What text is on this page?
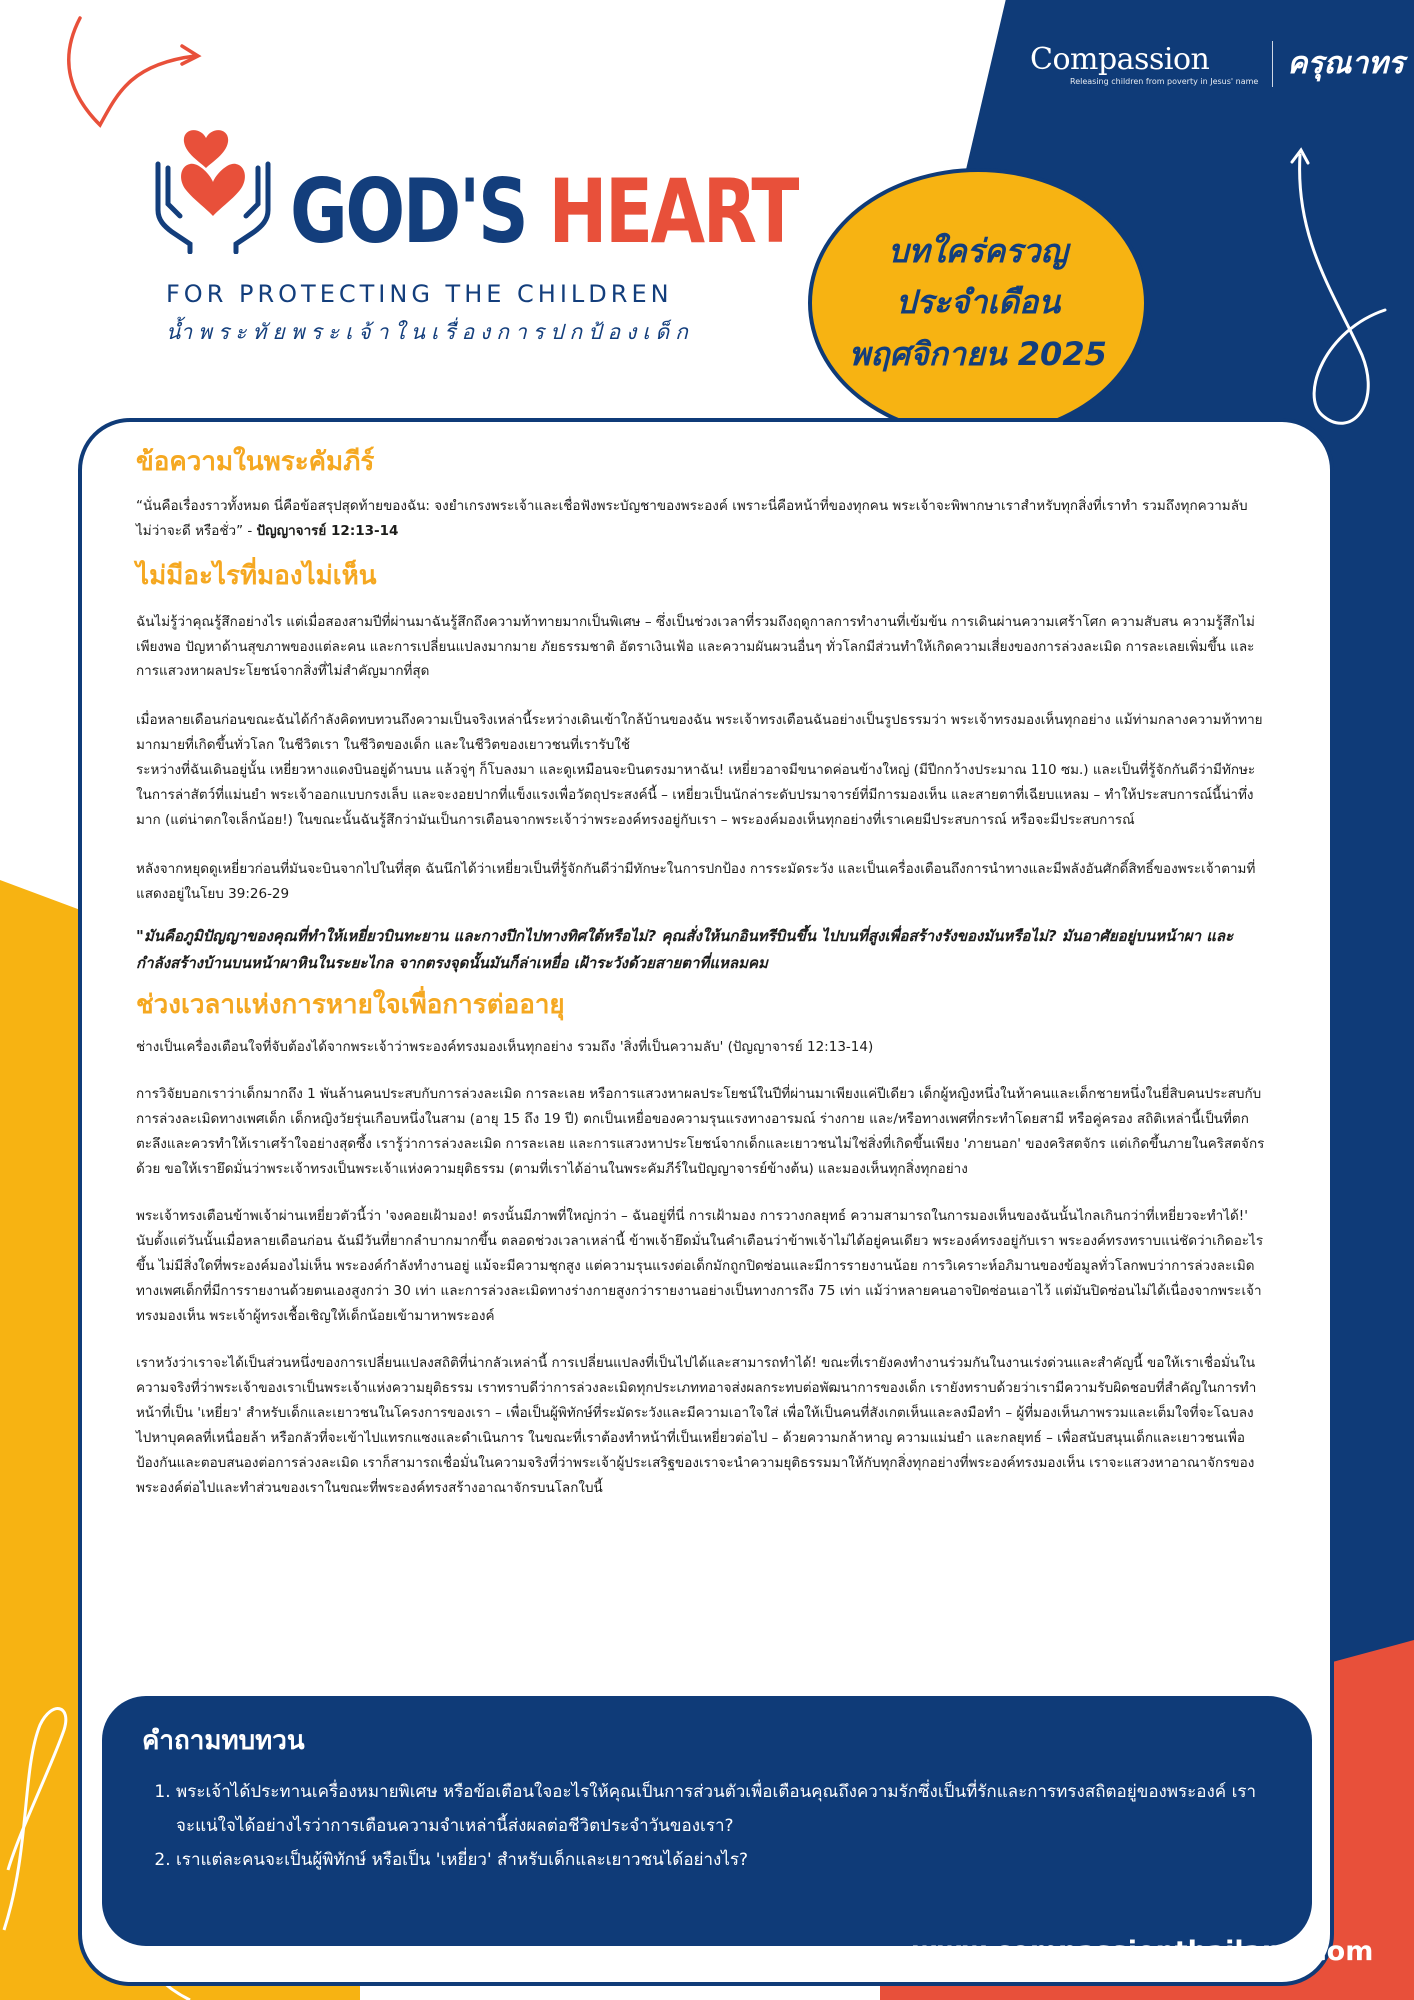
Compassion
Releasing children from poverty in Jesus' name ครุณาทร
GOD'S HEART
FOR PROTECTING THE CHILDREN
น้ำพระทัยพระเจ้าในเรื่องการปกป้องเด็ก
บทใคร่ครวญ
ประจำเดือน
พฤศจิกายน 2025
ข้อความในพระคัมภีร์

“นั่นคือเรื่องราวทั้งหมด นี่คือข้อสรุปสุดท้ายของฉัน: จงยำเกรงพระเจ้าและเชื่อฟังพระบัญชาของพระองค์ เพราะนี่คือหน้าที่ของทุกคน พระเจ้าจะพิพากษาเราสำหรับทุกสิ่งที่เราทำ รวมถึงทุกความลับ ไม่ว่าจะดี หรือชั่ว” - ปัญญาจารย์ 12:13-14

ไม่มีอะไรที่มองไม่เห็น

ฉันไม่รู้ว่าคุณรู้สึกอย่างไร แต่เมื่อสองสามปีที่ผ่านมาฉันรู้สึกถึงความท้าทายมากเป็นพิเศษ – ซึ่งเป็นช่วงเวลาที่รวมถึงฤดูกาลการทำงานที่เข้มข้น การเดินผ่านความเศร้าโศก ความสับสน ความรู้สึกไม่เพียงพอ ปัญหาด้านสุขภาพของแต่ละคน และการเปลี่ยนแปลงมากมาย ภัยธรรมชาติ อัตราเงินเฟ้อ และความผันผวนอื่นๆ ทั่วโลกมีส่วนทำให้เกิดความเสี่ยงของการล่วงละเมิด การละเลยเพิ่มขึ้น และการแสวงหาผลประโยชน์จากสิ่งที่ไม่สำคัญมากที่สุด

เมื่อหลายเดือนก่อนขณะฉันได้กำลังคิดทบทวนถึงความเป็นจริงเหล่านี้ระหว่างเดินเข้าใกล้บ้านของฉัน พระเจ้าทรงเตือนฉันอย่างเป็นรูปธรรมว่า พระเจ้าทรงมองเห็นทุกอย่าง แม้ท่ามกลางความท้าทายมากมายที่เกิดขึ้นทั่วโลก ในชีวิตเรา ในชีวิตของเด็ก และในชีวิตของเยาวชนที่เรารับใช้

ระหว่างที่ฉันเดินอยู่นั้น เหยี่ยวหางแดงบินอยู่ด้านบน แล้วจู่ๆ ก็โบลงมา และดูเหมือนจะบินตรงมาหาฉัน! เหยี่ยวอาจมีขนาดค่อนข้างใหญ่ (มีปีกกว้างประมาณ 110 ซม.) และเป็นที่รู้จักกันดีว่ามีทักษะในการล่าสัตว์ที่แม่นยำ พระเจ้าออกแบบกรงเล็บ และจะงอยปากที่แข็งแรงเพื่อวัตถุประสงค์นี้ – เหยี่ยวเป็นนักล่าระดับปรมาจารย์ที่มีการมองเห็น และสายตาที่เฉียบแหลม – ทำให้ประสบการณ์นี้น่าทึ่งมาก (แต่น่าตกใจเล็กน้อย!) ในขณะนั้นฉันรู้สึกว่ามันเป็นการเตือนจากพระเจ้าว่าพระองค์ทรงอยู่กับเรา – พระองค์มองเห็นทุกอย่างที่เราเคยมีประสบการณ์ หรือจะมีประสบการณ์

หลังจากหยุดดูเหยี่ยวก่อนที่มันจะบินจากไปในที่สุด ฉันนึกได้ว่าเหยี่ยวเป็นที่รู้จักกันดีว่ามีทักษะในการปกป้อง การระมัดระวัง และเป็นเครื่องเตือนถึงการนำทางและมีพลังอันศักดิ์สิทธิ์ของพระเจ้าตามที่แสดงอยู่ในโยบ 39:26-29

"มันคือภูมิปัญญาของคุณที่ทำให้เหยี่ยวบินทะยาน และกางปีกไปทางทิศใต้หรือไม่? คุณสั่งให้นกอินทรีบินขึ้น ไปบนที่สูงเพื่อสร้างรังของมันหรือไม่? มันอาศัยอยู่บนหน้าผา และกำลังสร้างบ้านบนหน้าผาหินในระยะไกล จากตรงจุดนั้นมันก็ล่าเหยื่อ เฝ้าระวังด้วยสายตาที่แหลมคม

ช่วงเวลาแห่งการหายใจเพื่อการต่ออายุ

ช่างเป็นเครื่องเตือนใจที่จับต้องได้จากพระเจ้าว่าพระองค์ทรงมองเห็นทุกอย่าง รวมถึง 'สิ่งที่เป็นความลับ' (ปัญญาจารย์ 12:13-14)

การวิจัยบอกเราว่าเด็กมากถึง 1 พันล้านคนประสบกับการล่วงละเมิด การละเลย หรือการแสวงหาผลประโยชน์ในปีที่ผ่านมาเพียงแค่ปีเดียว เด็กผู้หญิงหนึ่งในห้าคนและเด็กชายหนึ่งในยี่สิบคนประสบกับการล่วงละเมิดทางเพศเด็ก เด็กหญิงวัยรุ่นเกือบหนึ่งในสาม (อายุ 15 ถึง 19 ปี) ตกเป็นเหยื่อของความรุนแรงทางอารมณ์ ร่างกาย และ/หรือทางเพศที่กระทำโดยสามี หรือคู่ครอง สถิติเหล่านี้เป็นที่ตกตะลึงและควรทำให้เราเศร้าใจอย่างสุดซึ้ง เรารู้ว่าการล่วงละเมิด การละเลย และการแสวงหาประโยชน์จากเด็กและเยาวชนไม่ใช่สิ่งที่เกิดขึ้นเพียง 'ภายนอก' ของคริสตจักร แต่เกิดขึ้นภายในคริสตจักรด้วย ขอให้เรายึดมั่นว่าพระเจ้าทรงเป็นพระเจ้าแห่งความยุติธรรม (ตามที่เราได้อ่านในพระคัมภีร์ในปัญญาจารย์ข้างต้น) และมองเห็นทุกสิ่งทุกอย่าง

พระเจ้าทรงเตือนข้าพเจ้าผ่านเหยี่ยวตัวนี้ว่า 'จงคอยเฝ้ามอง! ตรงนั้นมีภาพที่ใหญ่กว่า – ฉันอยู่ที่นี่ การเฝ้ามอง การวางกลยุทธ์ ความสามารถในการมองเห็นของฉันนั้นไกลเกินกว่าที่เหยี่ยวจะทำได้!' นับตั้งแต่วันนั้นเมื่อหลายเดือนก่อน ฉันมีวันที่ยากลำบากมากขึ้น ตลอดช่วงเวลาเหล่านี้ ข้าพเจ้ายึดมั่นในคำเตือนว่าข้าพเจ้าไม่ได้อยู่คนเดียว พระองค์ทรงอยู่กับเรา พระองค์ทรงทราบแน่ชัดว่าเกิดอะไรขึ้น ไม่มีสิ่งใดที่พระองค์มองไม่เห็น พระองค์กำลังทำงานอยู่ แม้จะมีความชุกสูง แต่ความรุนแรงต่อเด็กมักถูกปิดซ่อนและมีการรายงานน้อย การวิเคราะห์อภิมานของข้อมูลทั่วโลกพบว่าการล่วงละเมิดทางเพศเด็กที่มีการรายงานด้วยตนเองสูงกว่า 30 เท่า และการล่วงละเมิดทางร่างกายสูงกว่ารายงานอย่างเป็นทางการถึง 75 เท่า แม้ว่าหลายคนอาจปิดซ่อนเอาไว้ แต่มันปิดซ่อนไม่ได้เนื่องจากพระเจ้าทรงมองเห็น พระเจ้าผู้ทรงเชื้อเชิญให้เด็กน้อยเข้ามาหาพระองค์

เราหวังว่าเราจะได้เป็นส่วนหนึ่งของการเปลี่ยนแปลงสถิติที่น่ากลัวเหล่านี้ การเปลี่ยนแปลงที่เป็นไปได้และสามารถทำได้! ขณะที่เรายังคงทำงานร่วมกันในงานเร่งด่วนและสำคัญนี้ ขอให้เราเชื่อมั่นในความจริงที่ว่าพระเจ้าของเราเป็นพระเจ้าแห่งความยุติธรรม เราทราบดีว่าการล่วงละเมิดทุกประเภททอาจส่งผลกระทบต่อพัฒนาการของเด็ก เรายังทราบด้วยว่าเรามีความรับผิดชอบที่สำคัญในการทำหน้าที่เป็น 'เหยี่ยว' สำหรับเด็กและเยาวชนในโครงการของเรา – เพื่อเป็นผู้พิทักษ์ที่ระมัดระวังและมีความเอาใจใส่ เพื่อให้เป็นคนที่สังเกตเห็นและลงมือทำ – ผู้ที่มองเห็นภาพรวมและเต็มใจที่จะโฉบลงไปหาบุคคลที่เหนื่อยล้า หรือกลัวที่จะเข้าไปแทรกแซงและดำเนินการ ในขณะที่เราต้องทำหน้าที่เป็นเหยี่ยวต่อไป – ด้วยความกล้าหาญ ความแม่นยำ และกลยุทธ์ – เพื่อสนับสนุนเด็กและเยาวชนเพื่อป้องกันและตอบสนองต่อการล่วงละเมิด เราก็สามารถเชื่อมั่นในความจริงที่ว่าพระเจ้าผู้ประเสริฐของเราจะนำความยุติธรรมมาให้กับทุกสิ่งทุกอย่างที่พระองค์ทรงมองเห็น เราจะแสวงหาอาณาจักรของพระองค์ต่อไปและทำส่วนของเราในขณะที่พระองค์ทรงสร้างอาณาจักรบนโลกใบนี้

คำถามทบทวน
1. พระเจ้าได้ประทานเครื่องหมายพิเศษ หรือข้อเตือนใจอะไรให้คุณเป็นการส่วนตัวเพื่อเตือนคุณถึงความรักซึ่งเป็นที่รักและการทรงสถิตอยู่ของพระองค์ เราจะแน่ใจได้อย่างไรว่าการเตือนความจำเหล่านี้ส่งผลต่อชีวิตประจำวันของเรา?
2. เราแต่ละคนจะเป็นผู้พิทักษ์ หรือเป็น 'เหยี่ยว' สำหรับเด็กและเยาวชนได้อย่างไร?
www.compassionthailand.com
